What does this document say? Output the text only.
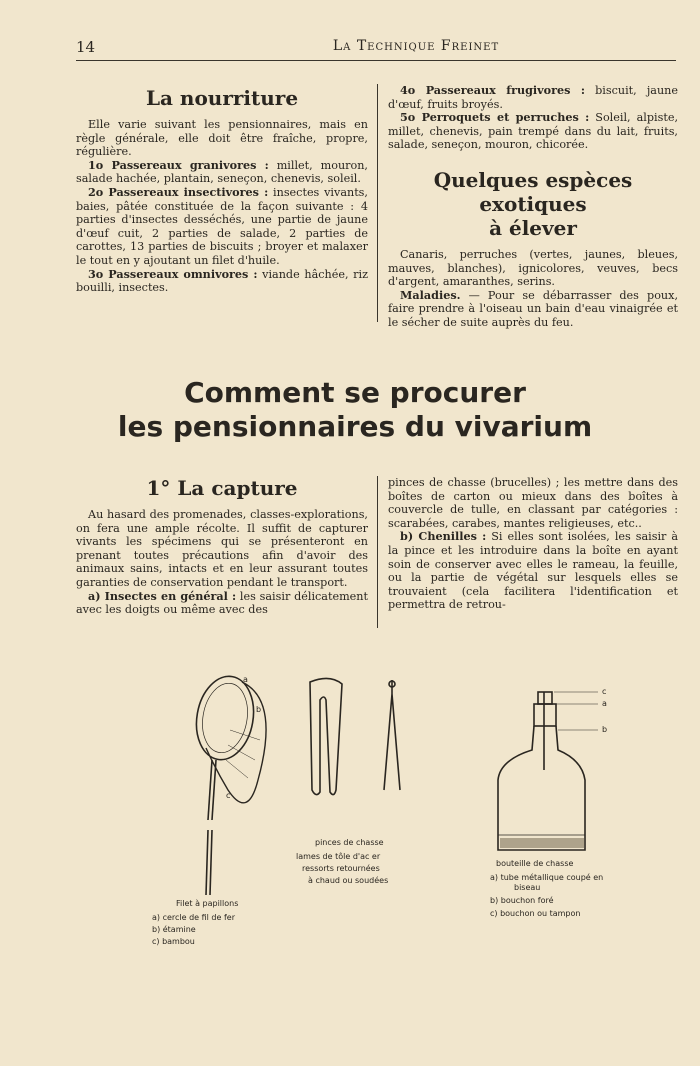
14	La Technique Freinet
La nourriture

Elle varie suivant les pensionnaires, mais en règle générale, elle doit être fraîche, propre, régulière.

1o Passereaux granivores : millet, mouron, salade hachée, plantain, seneçon, chenevis, soleil.

2o Passereaux insectivores : insectes vivants, baies, pâtée constituée de la façon suivante : 4 parties d'insectes desséchés, une partie de jaune d'œuf cuit, 2 parties de salade, 2 parties de carottes, 13 parties de biscuits ; broyer et malaxer le tout en y ajoutant un filet d'huile.

3o Passereaux omnivores : viande hâchée, riz bouilli, insectes.

4o Passereaux frugivores : biscuit, jaune d'œuf, fruits broyés.

5o Perroquets et perruches : Soleil, alpiste, millet, chenevis, pain trempé dans du lait, fruits, salade, seneçon, mouron, chicorée.

Quelques espèces exotiques
à élever

Canaris, perruches (vertes, jaunes, bleues, mauves, blanches), ignicolores, veuves, becs d'argent, amaranthes, serins.

Maladies. — Pour se débarrasser des poux, faire prendre à l'oiseau un bain d'eau vinaigrée et le sécher de suite auprès du feu.

Comment se procurer
les pensionnaires du vivarium
1° La capture

Au hasard des promenades, classes-explorations, on fera une ample récolte. Il suffit de capturer vivants les spécimens qui se présenteront en prenant toutes précautions afin d'avoir des animaux sains, intacts et en leur assurant toutes garanties de conservation pendant le transport.

a) Insectes en général : les saisir délicatement avec les doigts ou même avec des

pinces de chasse (brucelles) ; les mettre dans des boîtes de carton ou mieux dans des boîtes à couvercle de tulle, en classant par catégories : scarabées, carabes, mantes religieuses, etc..

b) Chenilles : Si elles sont isolées, les saisir à la pince et les introduire dans la boîte en ayant soin de conserver avec elles le rameau, la feuille, ou la partie de végétal sur lesquels elles se trouvaient (cela facilitera l'identification et permettra de retrou-

a
b
c
Filet à papillons
a) cercle de fil de fer
b) étamine
c) bambou
pinces de chasse
lames de tôle d'ac er
ressorts retournées
à chaud ou soudées
c
a
b
bouteille de chasse
a) tube métallique coupé en
biseau
b) bouchon foré
c) bouchon ou tampon
